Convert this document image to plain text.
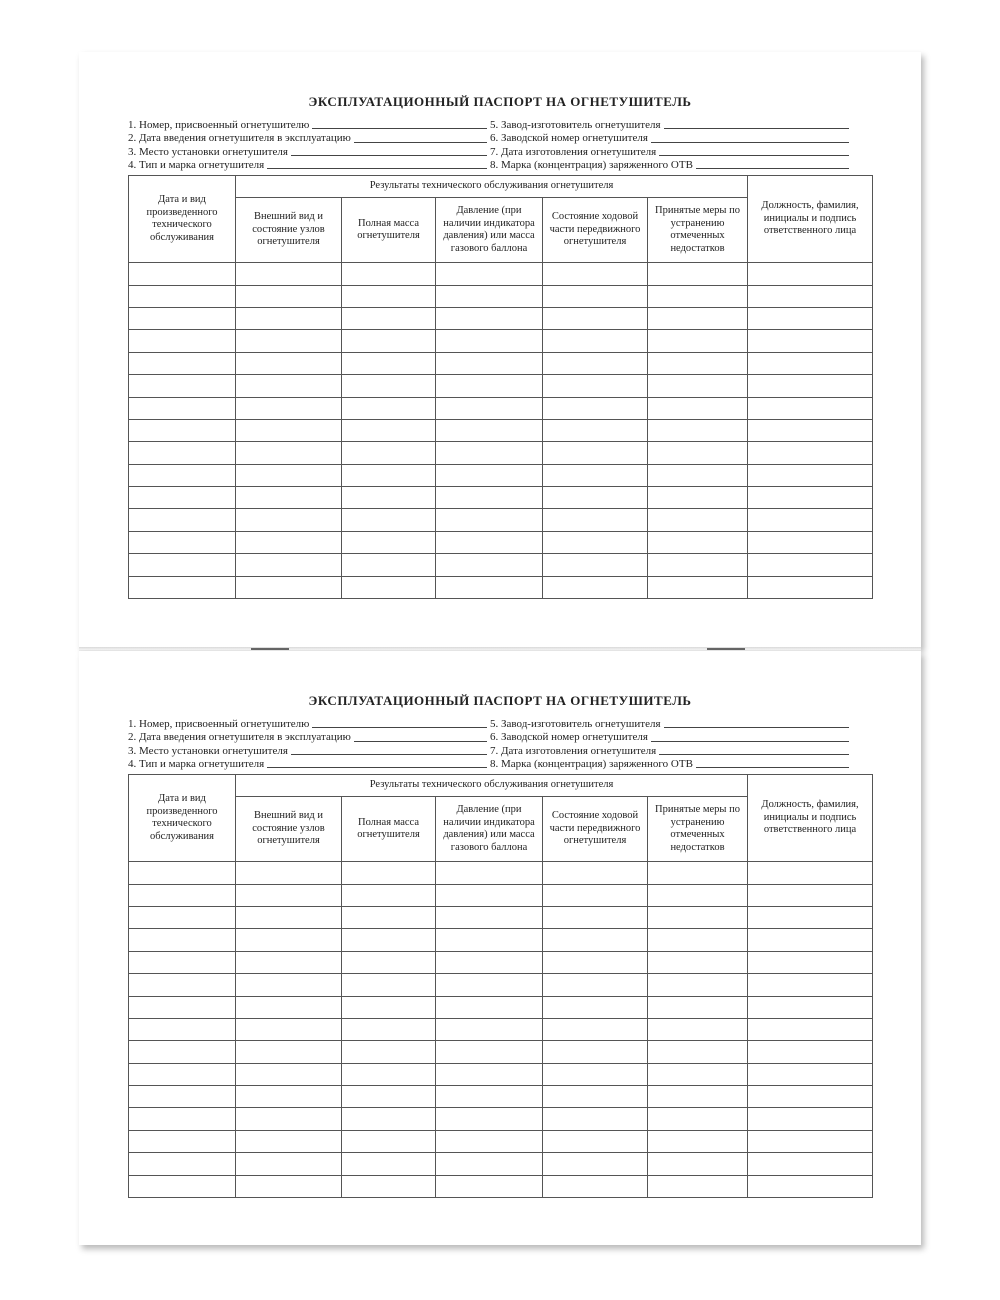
ЭКСПЛУАТАЦИОННЫЙ ПАСПОРТ НА ОГНЕТУШИТЕЛЬ
1. Номер, присвоенный огнетушителю
2. Дата введения огнетушителя в эксплуатацию
3. Место установки огнетушителя
4. Тип и марка огнетушителя
5. Завод-изготовитель огнетушителя
6. Заводской номер огнетушителя
7. Дата изготовления огнетушителя
8. Марка (концентрация) заряженного ОТВ
Дата и вид произведенного технического обслуживания	Результаты технического обслуживания огнетушителя					Должность, фамилия, инициалы и подпись ответственного лица
	Внешний вид и состояние узлов огнетушителя	Полная масса огнетушителя	Давление (при наличии индикатора давления) или масса газового баллона	Состояние ходовой части передвижного огнетушителя	Принятые меры по устранению отмеченных недостатков	

ЭКСПЛУАТАЦИОННЫЙ ПАСПОРТ НА ОГНЕТУШИТЕЛЬ
1. Номер, присвоенный огнетушителю
2. Дата введения огнетушителя в эксплуатацию
3. Место установки огнетушителя
4. Тип и марка огнетушителя
5. Завод-изготовитель огнетушителя
6. Заводской номер огнетушителя
7. Дата изготовления огнетушителя
8. Марка (концентрация) заряженного ОТВ
Дата и вид произведенного технического обслуживания	Результаты технического обслуживания огнетушителя					Должность, фамилия, инициалы и подпись ответственного лица
	Внешний вид и состояние узлов огнетушителя	Полная масса огнетушителя	Давление (при наличии индикатора давления) или масса газового баллона	Состояние ходовой части передвижного огнетушителя	Принятые меры по устранению отмеченных недостатков	
